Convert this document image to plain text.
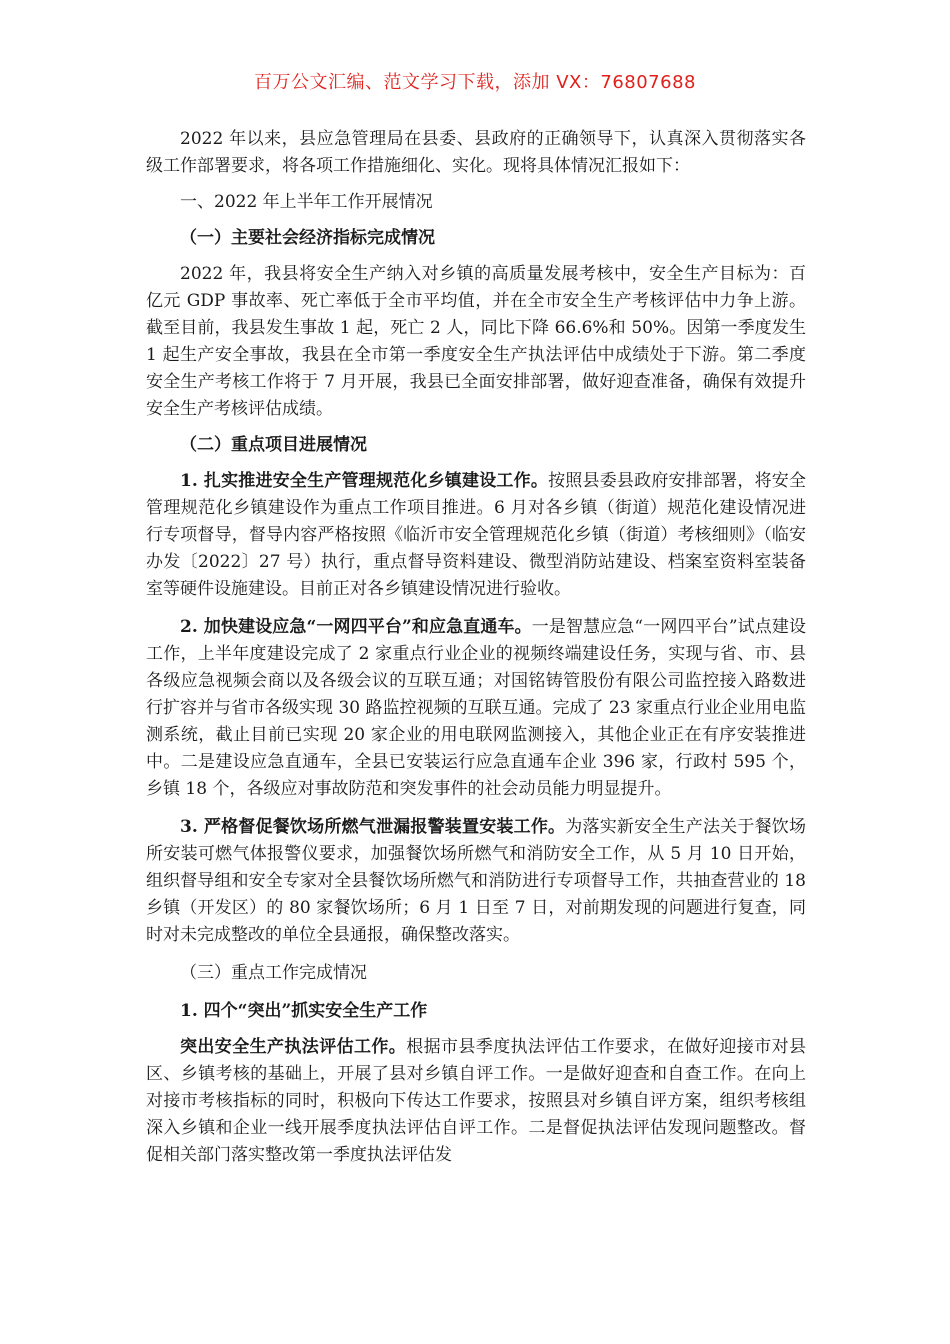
百万公文汇编、范文学习下载，添加 VX：76807688

2022 年以来，县应急管理局在县委、县政府的正确领导下，认真深入贯彻落实各级工作部署要求，将各项工作措施细化、实化。现将具体情况汇报如下：

一、2022 年上半年工作开展情况

（一）主要社会经济指标完成情况

2022 年，我县将安全生产纳入对乡镇的高质量发展考核中，安全生产目标为：百亿元 GDP 事故率、死亡率低于全市平均值，并在全市安全生产考核评估中力争上游。截至目前，我县发生事故 1 起，死亡 2 人，同比下降 66.6%和 50%。因第一季度发生 1 起生产安全事故，我县在全市第一季度安全生产执法评估中成绩处于下游。第二季度安全生产考核工作将于 7 月开展，我县已全面安排部署，做好迎查准备，确保有效提升安全生产考核评估成绩。

（二）重点项目进展情况

1. 扎实推进安全生产管理规范化乡镇建设工作。按照县委县政府安排部署，将安全管理规范化乡镇建设作为重点工作项目推进。6 月对各乡镇（街道）规范化建设情况进行专项督导，督导内容严格按照《临沂市安全管理规范化乡镇（街道）考核细则》（临安办发〔2022〕27 号）执行，重点督导资料建设、微型消防站建设、档案室资料室装备室等硬件设施建设。目前正对各乡镇建设情况进行验收。

2. 加快建设应急“一网四平台”和应急直通车。一是智慧应急“一网四平台”试点建设工作，上半年度建设完成了 2 家重点行业企业的视频终端建设任务，实现与省、市、县各级应急视频会商以及各级会议的互联互通；对国铭铸管股份有限公司监控接入路数进行扩容并与省市各级实现 30 路监控视频的互联互通。完成了 23 家重点行业企业用电监测系统，截止目前已实现 20 家企业的用电联网监测接入，其他企业正在有序安装推进中。二是建设应急直通车，全县已安装运行应急直通车企业 396 家，行政村 595 个，乡镇 18 个，各级应对事故防范和突发事件的社会动员能力明显提升。

3. 严格督促餐饮场所燃气泄漏报警装置安装工作。为落实新安全生产法关于餐饮场所安装可燃气体报警仪要求，加强餐饮场所燃气和消防安全工作，从 5 月 10 日开始，组织督导组和安全专家对全县餐饮场所燃气和消防进行专项督导工作，共抽查营业的 18 乡镇（开发区）的 80 家餐饮场所；6 月 1 日至 7 日，对前期发现的问题进行复查，同时对未完成整改的单位全县通报，确保整改落实。

（三）重点工作完成情况

1. 四个“突出”抓实安全生产工作

突出安全生产执法评估工作。根据市县季度执法评估工作要求，在做好迎接市对县区、乡镇考核的基础上，开展了县对乡镇自评工作。一是做好迎查和自查工作。在向上对接市考核指标的同时，积极向下传达工作要求，按照县对乡镇自评方案，组织考核组深入乡镇和企业一线开展季度执法评估自评工作。二是督促执法评估发现问题整改。督促相关部门落实整改第一季度执法评估发
